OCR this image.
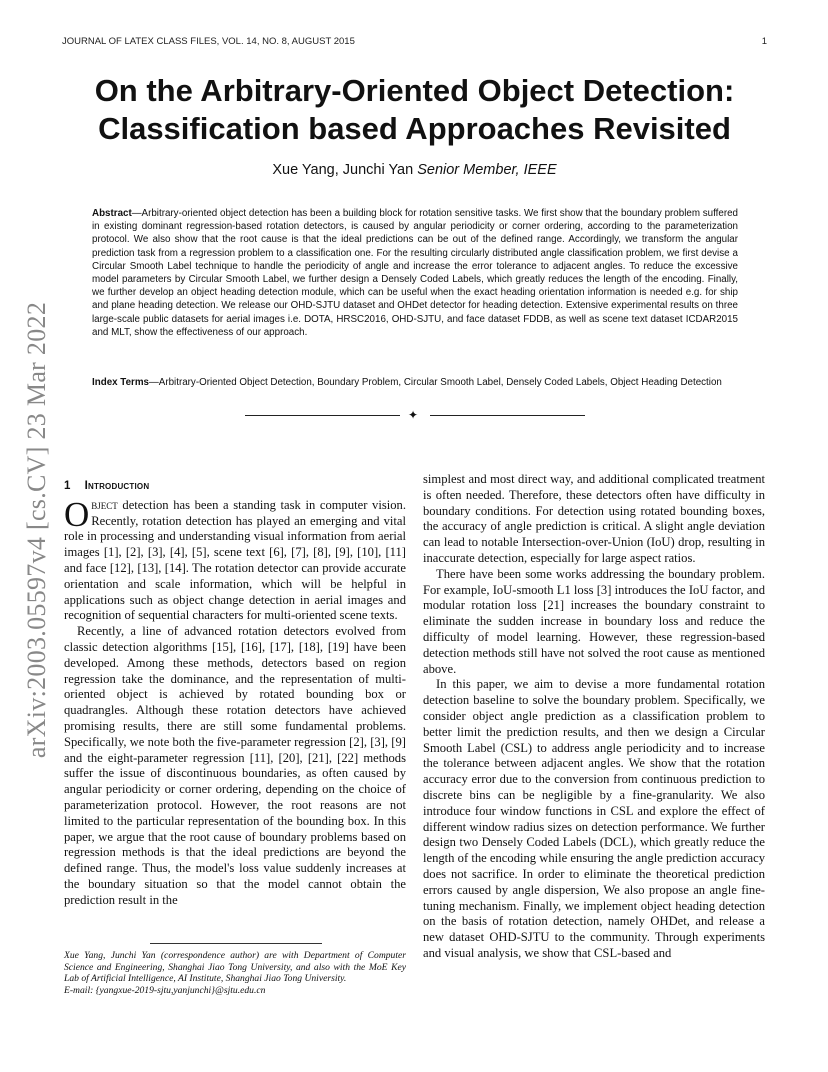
JOURNAL OF LATEX CLASS FILES, VOL. 14, NO. 8, AUGUST 2015	1
arXiv:2003.05597v4 [cs.CV] 23 Mar 2022
On the Arbitrary-Oriented Object Detection:
Classification based Approaches Revisited
Xue Yang, Junchi Yan Senior Member, IEEE
Abstract—Arbitrary-oriented object detection has been a building block for rotation sensitive tasks. We first show that the boundary problem suffered in existing dominant regression-based rotation detectors, is caused by angular periodicity or corner ordering, according to the parameterization protocol. We also show that the root cause is that the ideal predictions can be out of the defined range. Accordingly, we transform the angular prediction task from a regression problem to a classification one. For the resulting circularly distributed angle classification problem, we first devise a Circular Smooth Label technique to handle the periodicity of angle and increase the error tolerance to adjacent angles. To reduce the excessive model parameters by Circular Smooth Label, we further design a Densely Coded Labels, which greatly reduces the length of the encoding. Finally, we further develop an object heading detection module, which can be useful when the exact heading orientation information is needed e.g. for ship and plane heading detection. We release our OHD-SJTU dataset and OHDet detector for heading detection. Extensive experimental results on three large-scale public datasets for aerial images i.e. DOTA, HRSC2016, OHD-SJTU, and face dataset FDDB, as well as scene text dataset ICDAR2015 and MLT, show the effectiveness of our approach.
Index Terms—Arbitrary-Oriented Object Detection, Boundary Problem, Circular Smooth Label, Densely Coded Labels, Object Heading Detection
✦
1 Introduction

Object detection has been a standing task in computer vision. Recently, rotation detection has played an emerging and vital role in processing and understanding visual information from aerial images [1], [2], [3], [4], [5], scene text [6], [7], [8], [9], [10], [11] and face [12], [13], [14]. The rotation detector can provide accurate orientation and scale information, which will be helpful in applications such as object change detection in aerial images and recognition of sequential characters for multi-oriented scene texts.

Recently, a line of advanced rotation detectors evolved from classic detection algorithms [15], [16], [17], [18], [19] have been developed. Among these methods, detectors based on region regression take the dominance, and the representation of multi-oriented object is achieved by rotated bounding box or quadrangles. Although these rotation detectors have achieved promising results, there are still some fundamental problems. Specifically, we note both the five-parameter regression [2], [3], [9] and the eight-parameter regression [11], [20], [21], [22] methods suffer the issue of discontinuous boundaries, as often caused by angular periodicity or corner ordering, depending on the choice of parameterization protocol. However, the root reasons are not limited to the particular representation of the bounding box. In this paper, we argue that the root cause of boundary problems based on regression methods is that the ideal predictions are beyond the defined range. Thus, the model's loss value suddenly increases at the boundary situation so that the model cannot obtain the prediction result in the

simplest and most direct way, and additional complicated treatment is often needed. Therefore, these detectors often have difficulty in boundary conditions. For detection using rotated bounding boxes, the accuracy of angle prediction is critical. A slight angle deviation can lead to notable Intersection-over-Union (IoU) drop, resulting in inaccurate detection, especially for large aspect ratios.

There have been some works addressing the boundary problem. For example, IoU-smooth L1 loss [3] introduces the IoU factor, and modular rotation loss [21] increases the boundary constraint to eliminate the sudden increase in boundary loss and reduce the difficulty of model learning. However, these regression-based detection methods still have not solved the root cause as mentioned above.

In this paper, we aim to devise a more fundamental rotation detection baseline to solve the boundary problem. Specifically, we consider object angle prediction as a classification problem to better limit the prediction results, and then we design a Circular Smooth Label (CSL) to address angle periodicity and to increase the tolerance between adjacent angles. We show that the rotation accuracy error due to the conversion from continuous prediction to discrete bins can be negligible by a fine-granularity. We also introduce four window functions in CSL and explore the effect of different window radius sizes on detection performance. We further design two Densely Coded Labels (DCL), which greatly reduce the length of the encoding while ensuring the angle prediction accuracy does not sacrifice. In order to eliminate the theoretical prediction errors caused by angle dispersion, We also propose an angle fine-tuning mechanism. Finally, we implement object heading detection on the basis of rotation detection, namely OHDet, and release a new dataset OHD-SJTU to the community. Through experiments and visual analysis, we show that CSL-based and

Xue Yang, Junchi Yan (correspondence author) are with Department of Computer Science and Engineering, Shanghai Jiao Tong University, and also with the MoE Key Lab of Artificial Intelligence, AI Institute, Shanghai Jiao Tong University.

E-mail: {yangxue-2019-sjtu,yanjunchi}@sjtu.edu.cn
